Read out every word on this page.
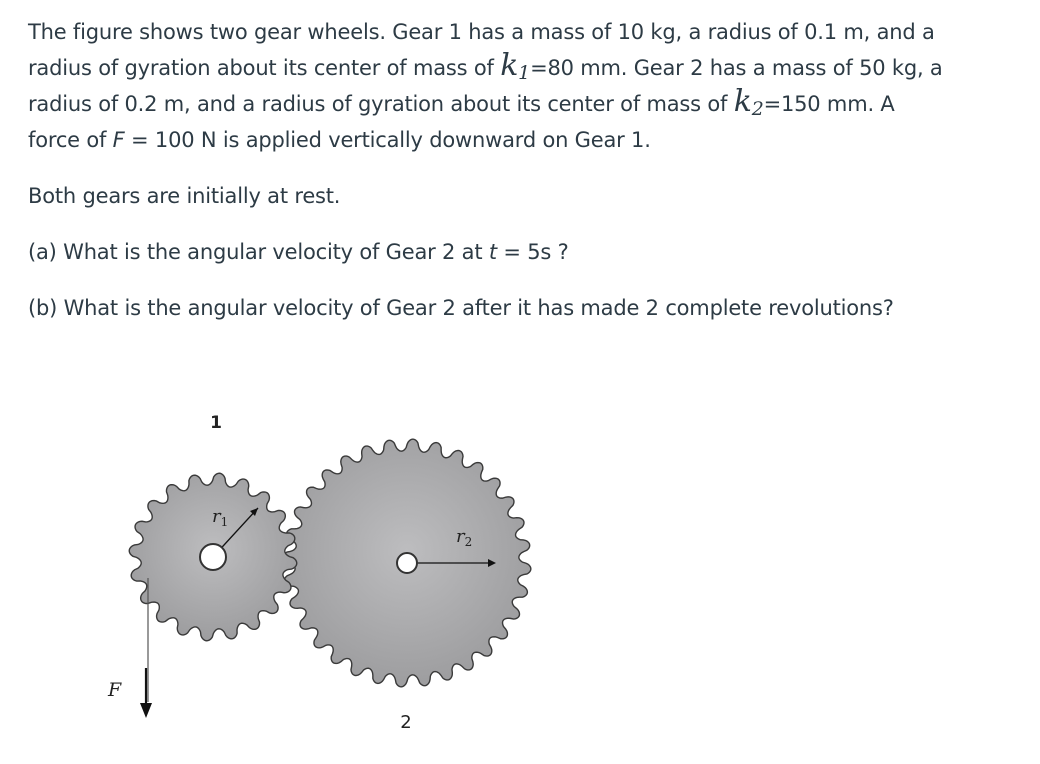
The figure shows two gear wheels. Gear 1 has a mass of 10 kg, a radius of 0.1 m, and a radius of gyration about its center of mass of k1=80 mm. Gear 2 has a mass of 50 kg, a radius of 0.2 m, and a radius of gyration about its center of mass of k2=150 mm. A force of F = 100 N is applied vertically downward on Gear 1.

Both gears are initially at rest.

(a) What is the angular velocity of Gear 2 at t = 5s ?

(b) What is the angular velocity of Gear 2 after it has made 2 complete revolutions?

1
2
$r_1$
$r_2$
F
